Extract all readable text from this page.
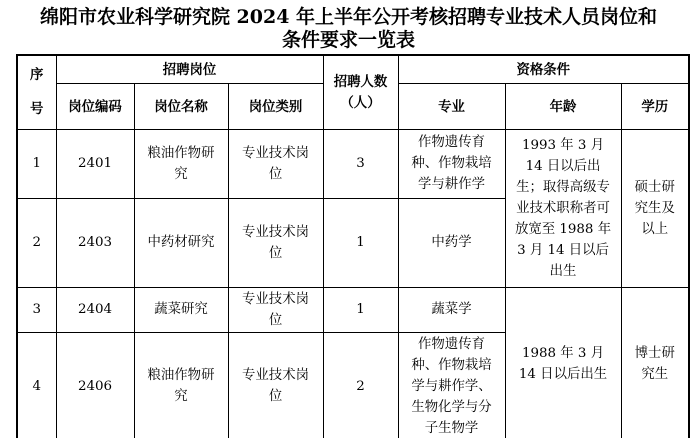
绵阳市农业科学研究院 2024 年上半年公开考核招聘专业技术人员岗位和
条件要求一览表
序号	招聘岗位			招聘人数（人）	资格条件		
	岗位编码	岗位名称	岗位类别		专业	年龄	学历
1	2401	粮油作物研究	专业技术岗位	3	作物遗传育种、作物栽培学与耕作学	1993 年 3 月 14 日以后出生；取得高级专业技术职称者可放宽至 1988 年 3 月 14 日以后出生	硕士研究生及以上
2	2403	中药材研究	专业技术岗位	1	中药学		
3	2404	蔬菜研究	专业技术岗位	1	蔬菜学	1988 年 3 月 14 日以后出生	博士研究生
4	2406	粮油作物研究	专业技术岗位	2	作物遗传育种、作物栽培学与耕作学、生物化学与分子生物学		
